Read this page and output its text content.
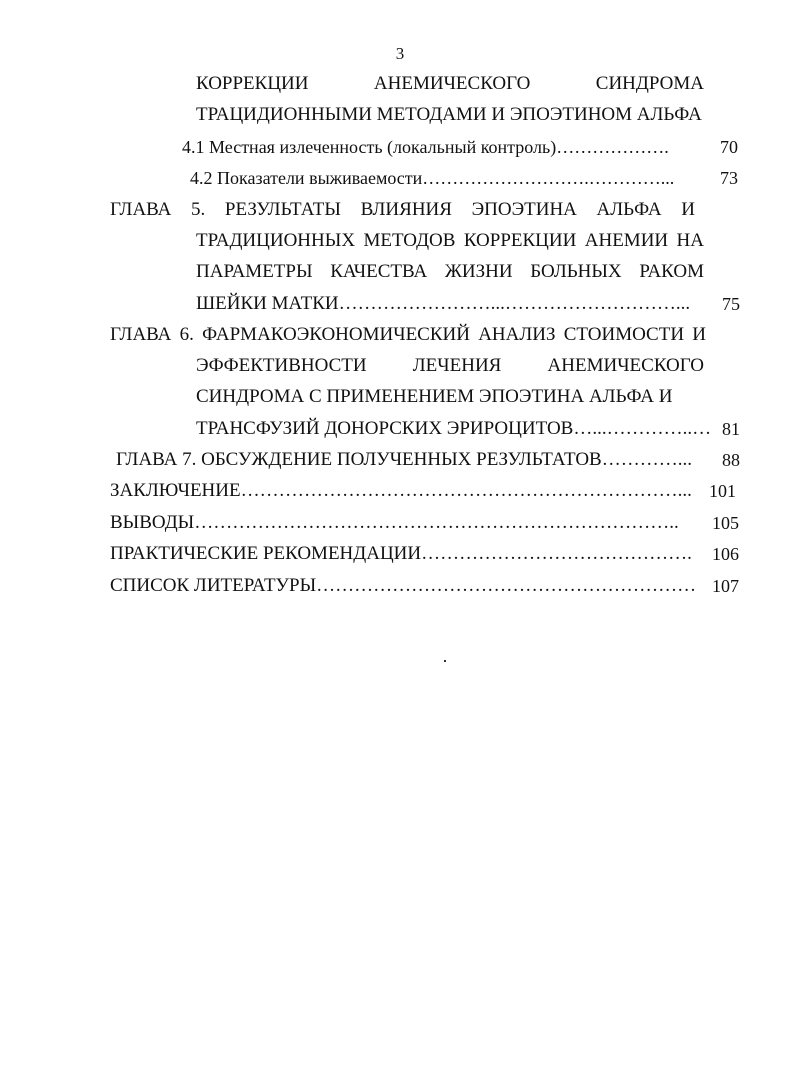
3
КОРРЕКЦИИ АНЕМИЧЕСКОГО СИНДРОМА
ТРАЦИДИОННЫМИ МЕТОДАМИ И ЭПОЭТИНОМ АЛЬФА
4.1 Местная излеченность (локальный контроль)……………….	70
4.2 Показатели выживаемости……………………….…………...	73
ГЛАВА 5. РЕЗУЛЬТАТЫ ВЛИЯНИЯ ЭПОЭТИНА АЛЬФА И
ТРАДИЦИОННЫХ МЕТОДОВ КОРРЕКЦИИ АНЕМИИ НА
ПАРАМЕТРЫ КАЧЕСТВА ЖИЗНИ БОЛЬНЫХ РАКОМ
ШЕЙКИ МАТКИ……………………...………………………...	75
ГЛАВА 6. ФАРМАКОЭКОНОМИЧЕСКИЙ АНАЛИЗ СТОИМОСТИ И
ЭФФЕКТИВНОСТИ ЛЕЧЕНИЯ АНЕМИЧЕСКОГО
СИНДРОМА С ПРИМЕНЕНИЕМ ЭПОЭТИНА АЛЬФА И
ТРАНСФУЗИЙ ДОНОРСКИХ ЭРИРОЦИТОВ…...…………..… 81
ГЛАВА 7. ОБСУЖДЕНИЕ ПОЛУЧЕННЫХ РЕЗУЛЬТАТОВ…………...	88
ЗАКЛЮЧЕНИЕ……………………………………………………………... 101
ВЫВОДЫ…………………………………………………………………..	105
ПРАКТИЧЕСКИЕ РЕКОМЕНДАЦИИ…………………………………….	106
СПИСОК ЛИТЕРАТУРЫ…………………………………………………… 107
